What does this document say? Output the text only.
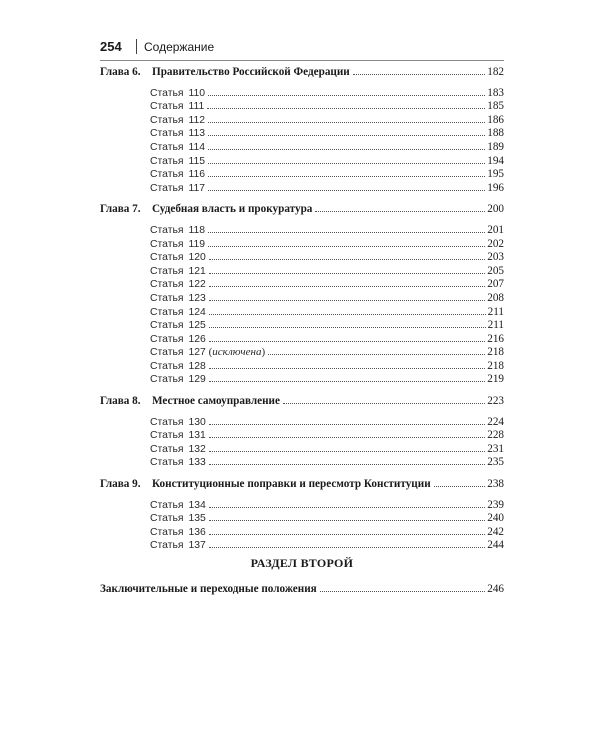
254 Содержание
Глава 6. Правительство Российской Федерации	182
Статья 110	183
Статья 111	185
Статья 112	186
Статья 113	188
Статья 114	189
Статья 115	194
Статья 116	195
Статья 117	196
Глава 7. Судебная власть и прокуратура	200
Статья 118	201
Статья 119	202
Статья 120	203
Статья 121	205
Статья 122	207
Статья 123	208
Статья 124	211
Статья 125	211
Статья 126	216
Статья 127 (исключена)	218
Статья 128	218
Статья 129	219
Глава 8. Местное самоуправление	223
Статья 130	224
Статья 131	228
Статья 132	231
Статья 133	235
Глава 9. Конституционные поправки и пересмотр Конституции	238
Статья 134	239
Статья 135	240
Статья 136	242
Статья 137	244
РАЗДЕЛ ВТОРОЙ
Заключительные и переходные положения	246
